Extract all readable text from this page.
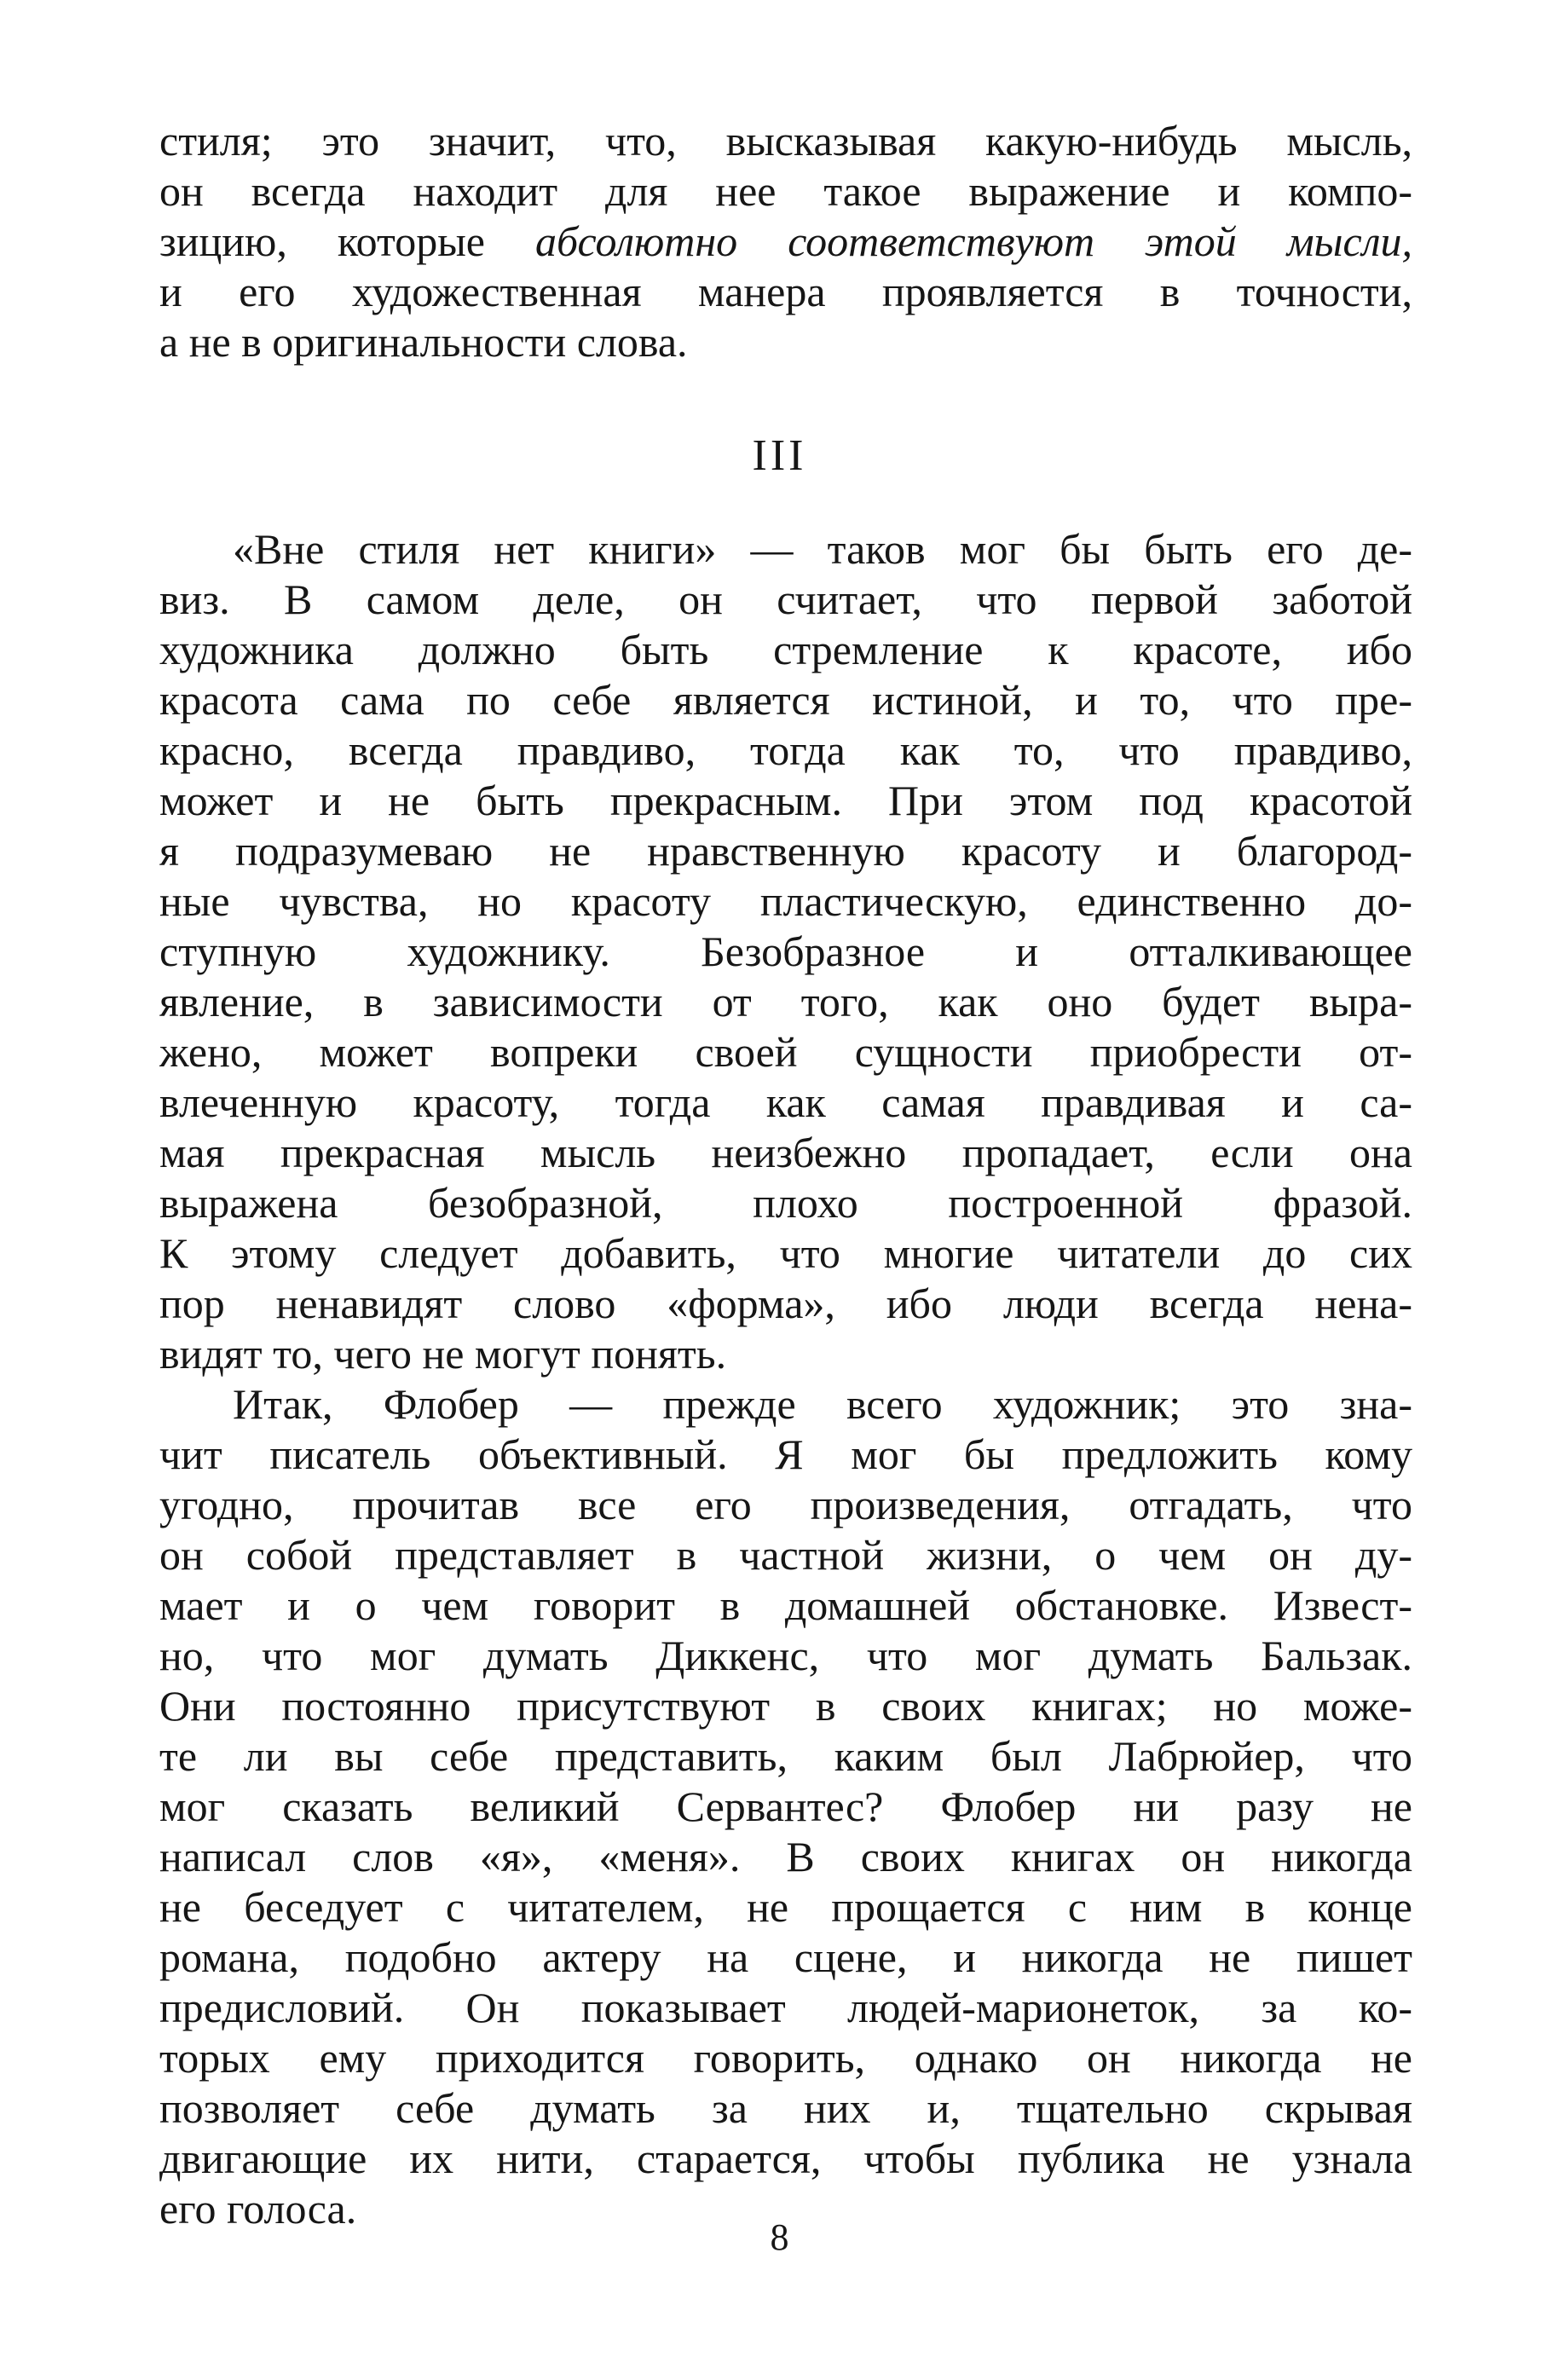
стиля; это значит, что, высказывая какую-нибудь мысль,
он всегда находит для нее такое выражение и компо-
зицию, которые абсолютно соответствуют этой мысли,
и его художественная манера проявляется в точности,
а не в оригинальности слова.
III
«Вне стиля нет книги» — таков мог бы быть его де-
виз. В самом деле, он считает, что первой заботой
художника должно быть стремление к красоте, ибо
красота сама по себе является истиной, и то, что пре-
красно, всегда правдиво, тогда как то, что правдиво,
может и не быть прекрасным. При этом под красотой
я подразумеваю не нравственную красоту и благород-
ные чувства, но красоту пластическую, единственно до-
ступную художнику. Безобразное и отталкивающее
явление, в зависимости от того, как оно будет выра-
жено, может вопреки своей сущности приобрести от-
влеченную красоту, тогда как самая правдивая и са-
мая прекрасная мысль неизбежно пропадает, если она
выражена безобразной, плохо построенной фразой.
К этому следует добавить, что многие читатели до сих
пор ненавидят слово «форма», ибо люди всегда нена-
видят то, чего не могут понять.
Итак, Флобер — прежде всего художник; это зна-
чит писатель объективный. Я мог бы предложить кому
угодно, прочитав все его произведения, отгадать, что
он собой представляет в частной жизни, о чем он ду-
мает и о чем говорит в домашней обстановке. Извест-
но, что мог думать Диккенс, что мог думать Бальзак.
Они постоянно присутствуют в своих книгах; но може-
те ли вы себе представить, каким был Лабрюйер, что
мог сказать великий Сервантес? Флобер ни разу не
написал слов «я», «меня». В своих книгах он никогда
не беседует с читателем, не прощается с ним в конце
романа, подобно актеру на сцене, и никогда не пишет
предисловий. Он показывает людей-марионеток, за ко-
торых ему приходится говорить, однако он никогда не
позволяет себе думать за них и, тщательно скрывая
двигающие их нити, старается, чтобы публика не узнала
его голоса.
8
